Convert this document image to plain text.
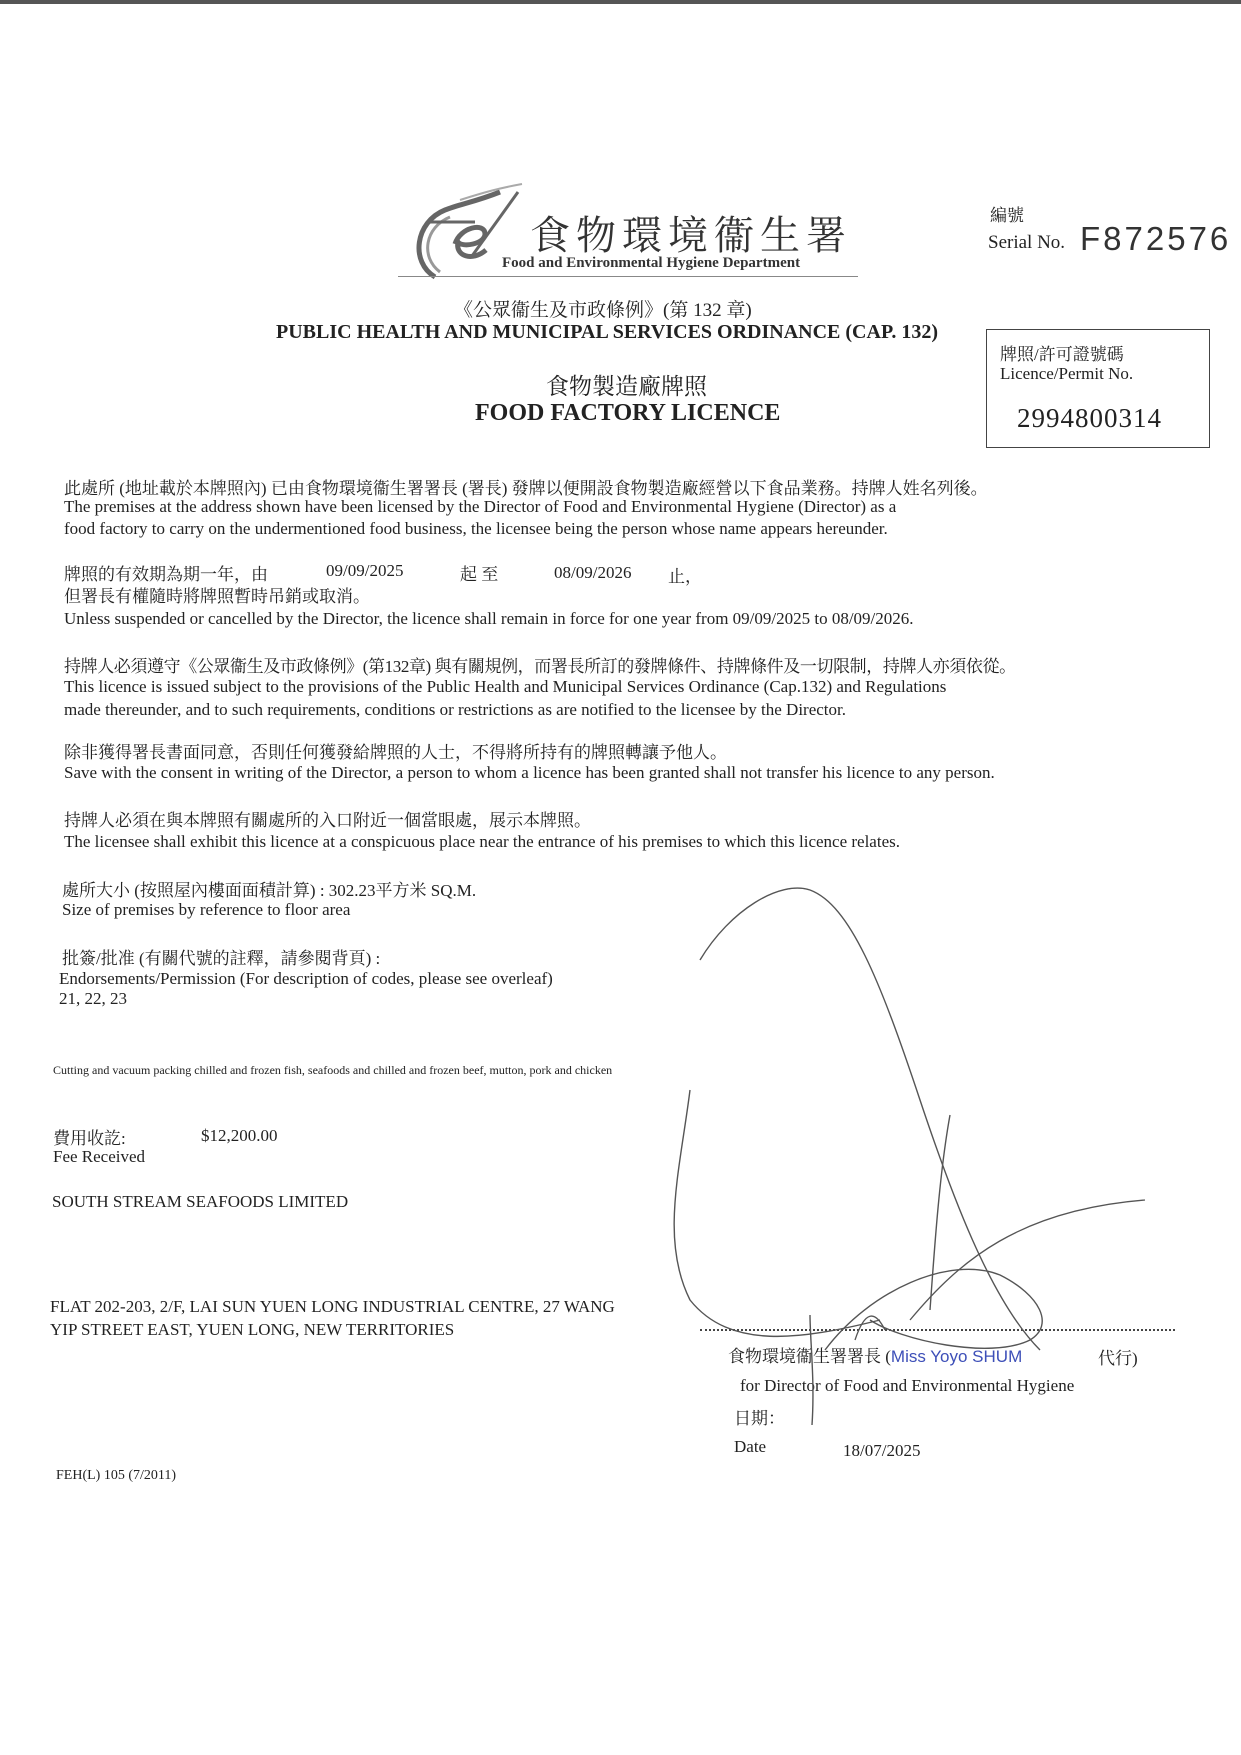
食物環境衞生署
Food and Environmental Hygiene Department
編號
Serial No. F872576
《公眾衞生及市政條例》(第 132 章)
PUBLIC HEALTH AND MUNICIPAL SERVICES ORDINANCE (CAP. 132)
牌照/許可證號碼
Licence/Permit No.
2994800314
食物製造廠牌照
FOOD FACTORY LICENCE
此處所 (地址載於本牌照內) 已由食物環境衞生署署長 (署長) 發牌以便開設食物製造廠經營以下食品業務。持牌人姓名列後。
The premises at the address shown have been licensed by the Director of Food and Environmental Hygiene (Director) as a
food factory to carry on the undermentioned food business, the licensee being the person whose name appears hereunder.
牌照的有效期為期一年，由	09/09/2025	起 至	08/09/2026 止，
但署長有權隨時將牌照暫時吊銷或取消。
Unless suspended or cancelled by the Director, the licence shall remain in force for one year from 09/09/2025 to 08/09/2026.
持牌人必須遵守《公眾衞生及市政條例》(第132章) 與有關規例，而署長所訂的發牌條件、持牌條件及一切限制，持牌人亦須依從。
This licence is issued subject to the provisions of the Public Health and Municipal Services Ordinance (Cap.132) and Regulations
made thereunder, and to such requirements, conditions or restrictions as are notified to the licensee by the Director.
除非獲得署長書面同意，否則任何獲發給牌照的人士，不得將所持有的牌照轉讓予他人。
Save with the consent in writing of the Director, a person to whom a licence has been granted shall not transfer his licence to any person.
持牌人必須在與本牌照有關處所的入口附近一個當眼處，展示本牌照。
The licensee shall exhibit this licence at a conspicuous place near the entrance of his premises to which this licence relates.
處所大小 (按照屋內樓面面積計算) : 302.23平方米 SQ.M.
Size of premises by reference to floor area
批簽/批准 (有關代號的註釋，請參閱背頁) :
Endorsements/Permission (For description of codes, please see overleaf)
21, 22, 23
Cutting and vacuum packing chilled and frozen fish, seafoods and chilled and frozen beef, mutton, pork and chicken
費用收訖:	$12,200.00
Fee Received
SOUTH STREAM SEAFOODS LIMITED
FLAT 202-203, 2/F, LAI SUN YUEN LONG INDUSTRIAL CENTRE, 27 WANG
YIP STREET EAST, YUEN LONG, NEW TERRITORIES
食物環境衞生署署長 (Miss Yoyo SHUM	代行)
for Director of Food and Environmental Hygiene
日期：
Date	18/07/2025
FEH(L) 105 (7/2011)
